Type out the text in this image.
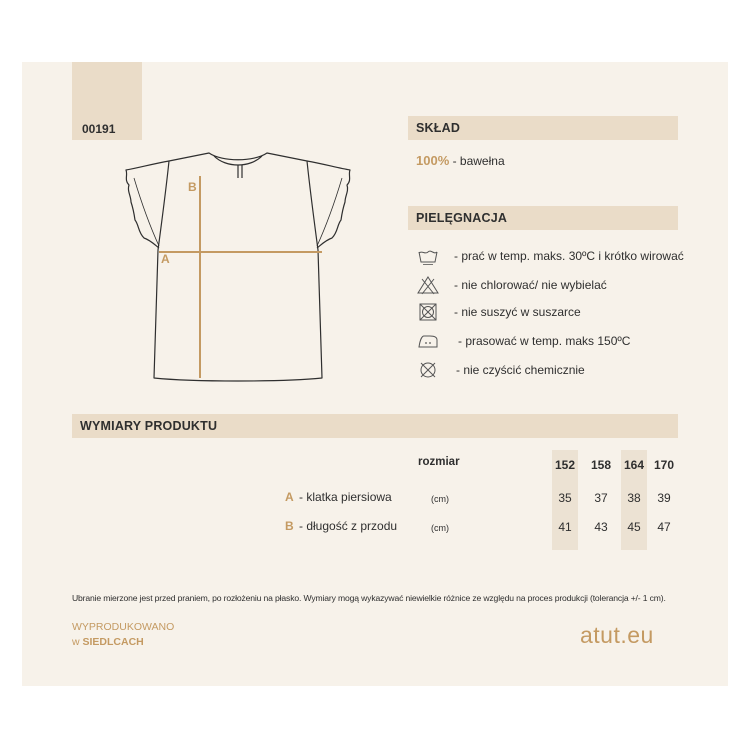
00191
B
A
SKŁAD
100% - bawełna
PIELĘGNACJA
- prać w temp. maks. 30ºC i krótko wirować
- nie chlorować/ nie wybielać
- nie suszyć w suszarce
- prasować w temp. maks 150ºC
- nie czyścić chemicznie
WYMIARY PRODUKTU
rozmiar	152 158 164 170
A - klatka piersiowa	(cm)	35	37	38	39
B - długość z przodu	(cm)	41	43	45	47
Ubranie mierzone jest przed praniem, po rozłożeniu na płasko. Wymiary mogą wykazywać niewielkie różnice ze względu na proces produkcji (tolerancja +/- 1 cm).
WYPRODUKOWANO
w SIEDLCACH	atut.eu
